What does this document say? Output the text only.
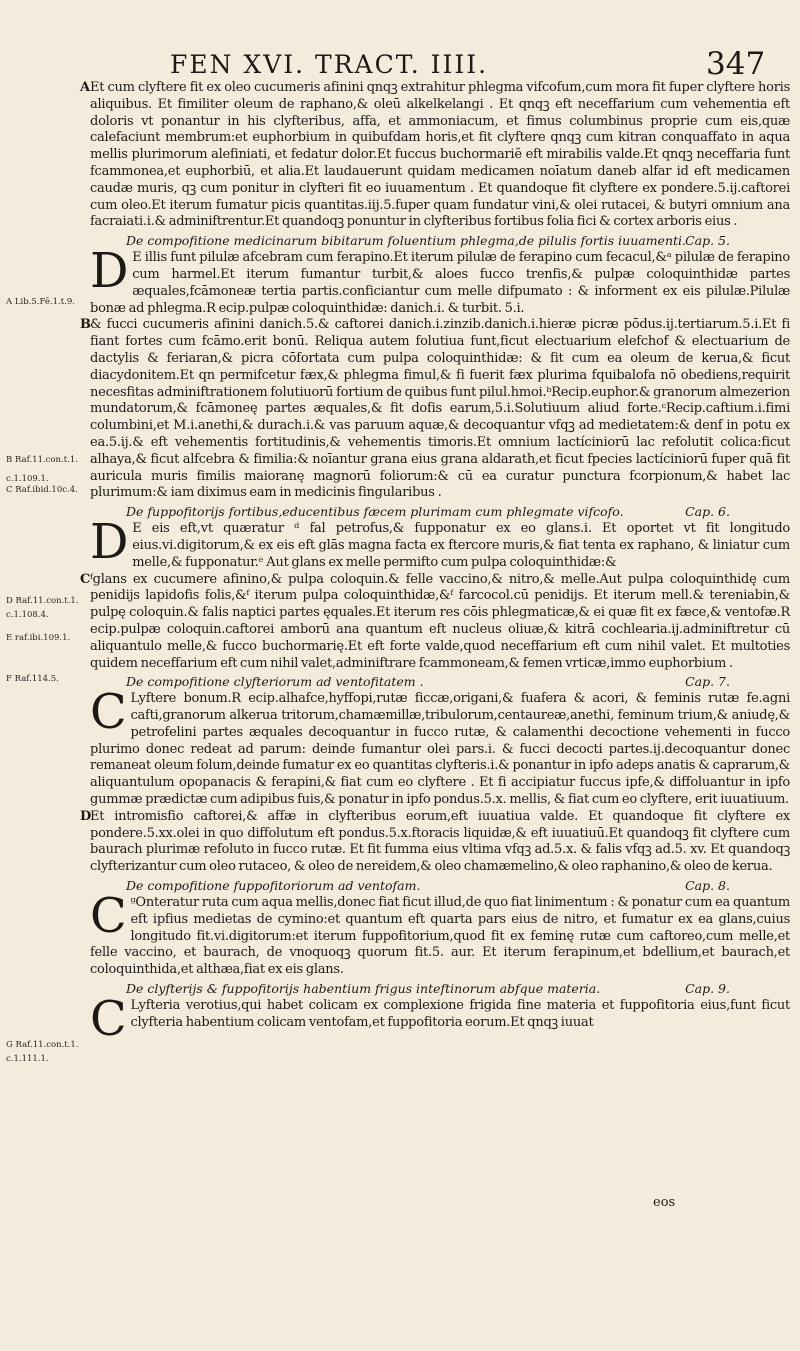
FEN XVI. TRACT. IIII.	347
A Lib.5.Fē.1.t.9.
B Raf.11.con.t.1.
c.1.109.1.
C Raf.ibid.10c.4.
D Raf.11.con.t.1.
c.1.108.4.
E raf.ibi.109.1.
F Raf.114.5.
G Raf.11.con.t.1.
c.1.111.1.

A Et cum clyftere fit ex oleo cucumeris afinini qnqꝫ extrahitur phlegma vifcofum,cum mora fit fuper clyftere horis aliquibus. Et fimiliter oleum de raphano,& oleū alkelkelangi . Et qnqꝫ eft neceffarium cum vehementia eft doloris vt ponantur in his clyfteribus, affa, et ammoniacum, et fimus columbinus proprie cum eis,quæ calefaciunt membrum:et euphorbium in quibufdam horis,et fit clyftere qnqꝫ cum kitran conquaffato in aqua mellis plurimorum alefiniati, et fedatur dolor.Et fuccus buchormariĕ eft mirabilis valde.Et qnqꝫ neceffaria funt fcammonea,et euphorbiū, et alia.Et laudauerunt quidam medicamen noīatum daneb alfar id eft medicamen caudæ muris, qꝫ cum ponitur in clyfteri fit eo iuuamentum . Et quandoque fit clyftere ex pondere.5.ij.caftorei cum oleo.Et iterum fumatur picis quantitas.iij.5.fuper quam fundatur vini,& olei rutacei, & butyri omnium ana facraiati.i.& adminiftrentur.Et quandoqꝫ ponuntur in clyfteribus fortibus folia fici & cortex arboris eius .

Cap. 5.
De compofitione medicinarum bibitarum foluentium phlegma,de pilulis fortis iuuamenti.

D E illis funt pilulæ afcebram cum ferapino.Et iterum pilulæ de ferapino cum fecacul,&ᵃ pilulæ de ferapino cum harmel.Et iterum fumantur turbit,& aloes fucco trenfis,& pulpæ coloquinthidæ partes æquales,fcāmoneæ tertia partis.conficiantur cum melle difpumato : & informent ex eis pilulæ.Pilulæ bonæ ad phlegma.R ecip.pulpæ coloquinthidæ: danich.i. & turbit. 5.i.

B & fucci cucumeris afinini danich.5.& caftorei danich.i.zinzib.danich.i.hieræ picræ pōdus.ij.tertiarum.5.i.Et fi fiant fortes cum fcāmo.erit bonū. Reliqua autem folutiua funt,ficut electuarium elefchof & electuarium de dactylis & feriaran,& picra cōfortata cum pulpa coloquinthidæ: & fit cum ea oleum de kerua,& ficut diacydonitem.Et qn permifcetur fæx,& phlegma fimul,& fi fuerit fæx plurima fquibalofa nō obediens,requirit necesfitas adminiftrationem folutiuorū fortium de quibus funt pilul.hmoi.ᵇRecip.euphor.& granorum almezerion mundatorum,& fcāmoneę partes æquales,& fit dofis earum,5.i.Solutiuum aliud forte.ᶜRecip.caftium.i.fimi columbini,et M.i.anethi,& durach.i.& vas paruum aquæ,& decoquantur vfqꝫ ad medietatem:& denf in potu ex ea.5.ij.& eft vehementis fortitudinis,& vehementis timoris.Et omnium lactíciniorū lac refolutit colica:ficut alhaya,& ficut alfcebra & fimilia:& noīantur grana eius grana aldarath,et ficut fpecies lactíciniorū fuper quā fit auricula muris fimilis maioranę magnorū foliorum:& cū ea curatur punctura fcorpionum,& habet lac plurimum:& iam diximus eam in medicinis fingularibus .

Cap. 6.
De fuppofitorijs fortibus,educentibus fæcem plurimam cum phlegmate vifcofo.

D E eis eft,vt quæratur ᵈ fal petrofus,& fupponatur ex eo glans.i. Et oportet vt fit longitudo eius.vi.digitorum,& ex eis eft glās magna facta ex ftercore muris,& fiat tenta ex raphano, & liniatur cum melle,& fupponatur.ᵉ Aut glans ex melle permifto cum pulpa coloquinthidæ:&

C ᶠglans ex cucumere afinino,& pulpa coloquin.& felle vaccino,& nitro,& melle.Aut pulpa coloquinthidę cum penidijs lapidofis folis,&ᶠ iterum pulpa coloquinthidæ,&ᶠ farcocol.cū penidijs. Et iterum mell.& tereniabin,& pulpę coloquin.& falis naptici partes ęquales.Et iterum res cōis phlegmaticæ,& ei quæ fit ex fæce,& ventofæ.R ecip.pulpæ coloquin.caftorei amborū ana quantum eft nucleus oliuæ,& kitrā cochlearia.ij.adminiftretur cū aliquantulo melle,& fucco buchormarię.Et eft forte valde,quod neceffarium eft cum nihil valet. Et multoties quidem neceffarium eft cum nihil valet,adminiftrare fcammoneam,& femen vrticæ,immo euphorbium .

Cap. 7.
De compofitione clyfteriorum ad ventofitatem .

C Lyftere bonum.R ecip.alhafce,hyffopi,rutæ ficcæ,origani,& fuafera & acori, & feminis rutæ fe.agni cafti,granorum alkerua tritorum,chamæmillæ,tribulorum,centaureæ,anethi, feminum trium,& aniudę,& petrofelini partes æquales decoquantur in fucco rutæ, & calamenthi decoctione vehementi in fucco plurimo donec redeat ad parum: deinde fumantur olei pars.i. & fucci decocti partes.ij.decoquantur donec remaneat oleum folum,deinde fumatur ex eo quantitas clyfteris.i.& ponantur in ipfo adeps anatis & caprarum,& aliquantulum opopanacis & ferapini,& fiat cum eo clyftere . Et fi accipiatur fuccus ipfe,& diffoluantur in ipfo gummæ prædictæ cum adipibus fuis,& ponatur in ipfo pondus.5.x. mellis, & fiat cum eo clyftere, erit iuuatiuum.

D
Et intromisfio caftorei,& affæ in clyfteribus eorum,eft iuuatiua valde. Et quandoque fit clyftere ex pondere.5.xx.olei in quo diffolutum eft pondus.5.x.ftoracis liquidæ,& eft iuuatiuū.Et quandoqꝫ fit clyftere cum baurach plurimæ refoluto in fucco rutæ. Et fit fumma eius vltima vfqꝫ ad.5.x. & falis vfqꝫ ad.5. xv. Et quandoqꝫ clyfterizantur cum oleo rutaceo, & oleo de nereidem,& oleo chamæmelino,& oleo raphanino,& oleo de kerua.

Cap. 8.
De compofitione fuppofitoriorum ad ventofam.

C ᵍOnteratur ruta cum aqua mellis,donec fiat ficut illud,de quo fiat linimentum : & ponatur cum ea quantum eft ipfius medietas de cymino:et quantum eft quarta pars eius de nitro, et fumatur ex ea glans,cuius longitudo fit.vi.digitorum:et iterum fuppofitorium,quod fit ex feminę rutæ cum caftoreo,cum melle,et felle vaccino, et baurach, de vnoquoqꝫ quorum fit.5. aur. Et iterum ferapinum,et bdellium,et baurach,et coloquinthida,et althæa,fiat ex eis glans.

Cap. 9.
De clyfterijs & fuppofitorijs habentium frigus inteftinorum abfque materia.

C Lyfteria verotius,qui habet colicam ex complexione frigida fine materia et fuppofitoria eius,funt ficut clyfteria habentium colicam ventofam,et fuppofitoria eorum.Et qnqꝫ iuuat

eos
